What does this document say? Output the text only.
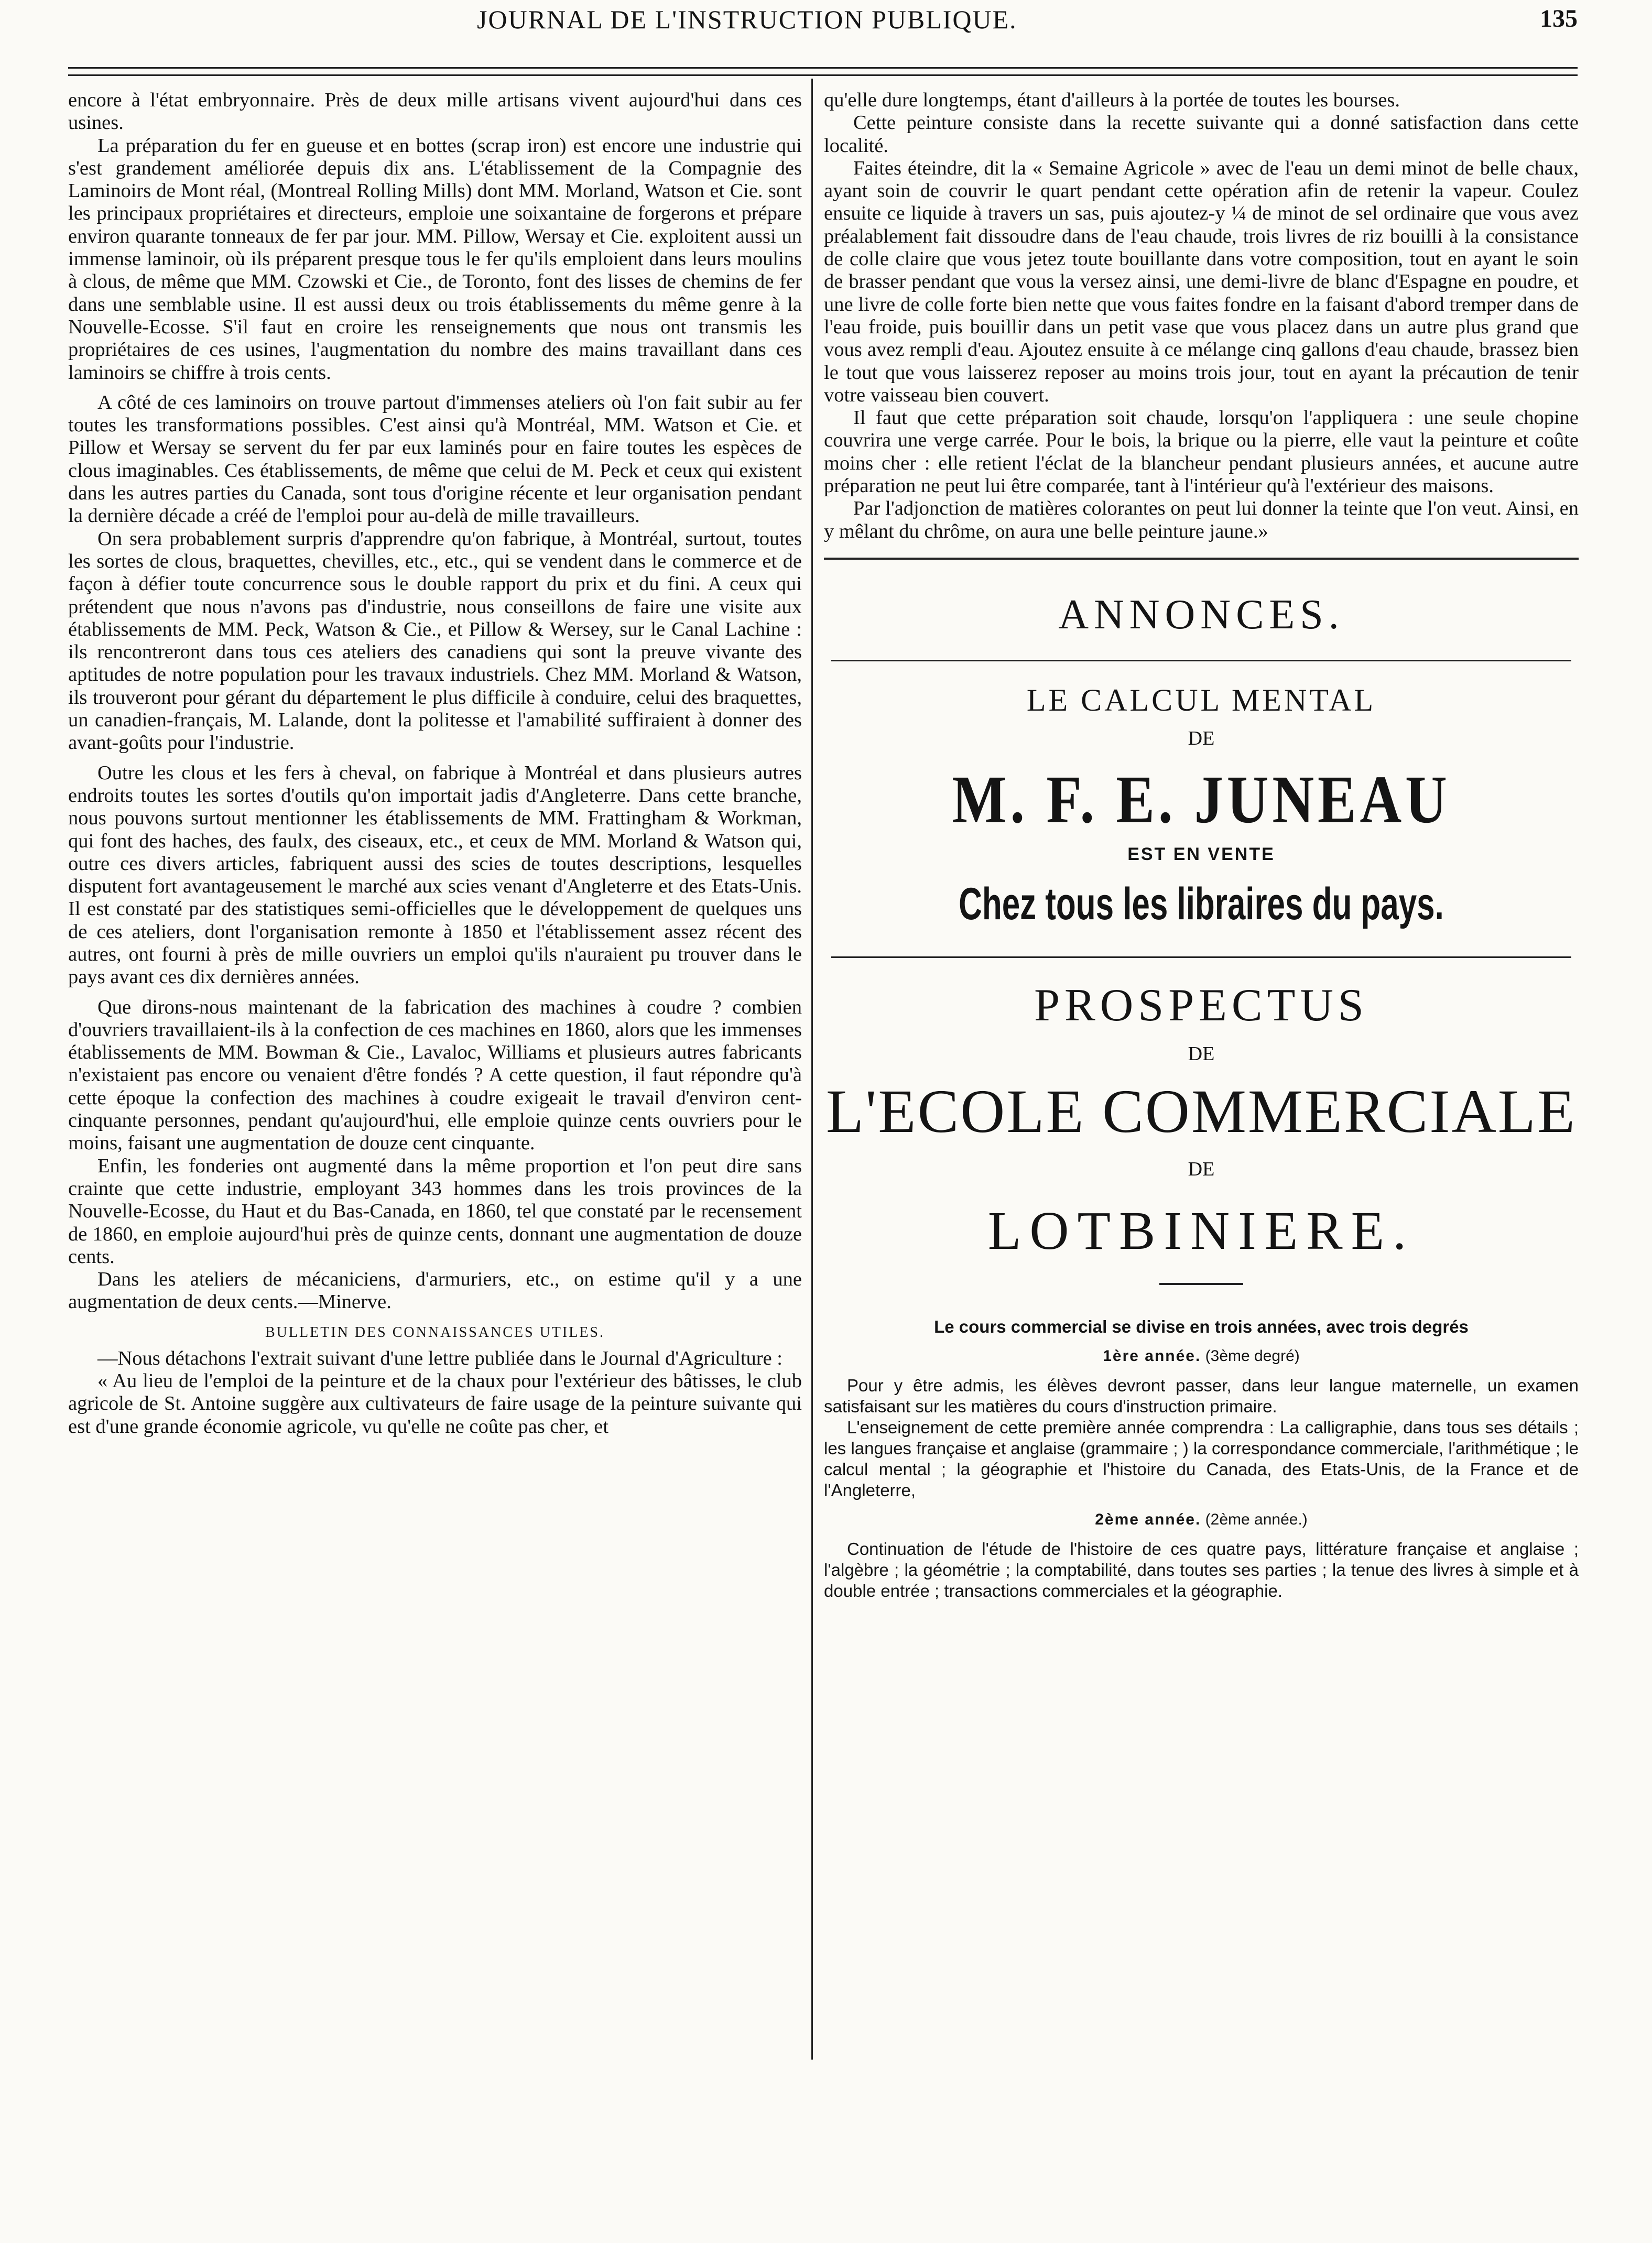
JOURNAL DE L'INSTRUCTION PUBLIQUE.	135

encore à l'état embryonnaire. Près de deux mille artisans vivent aujourd'hui dans ces usines.

La préparation du fer en gueuse et en bottes (scrap iron) est encore une industrie qui s'est grandement améliorée depuis dix ans. L'établissement de la Compagnie des Laminoirs de Mont réal, (Montreal Rolling Mills) dont MM. Morland, Watson et Cie. sont les principaux propriétaires et directeurs, emploie une soixantaine de forgerons et prépare environ quarante tonneaux de fer par jour. MM. Pillow, Wersay et Cie. exploitent aussi un immense laminoir, où ils préparent presque tous le fer qu'ils emploient dans leurs moulins à clous, de même que MM. Czowski et Cie., de Toronto, font des lisses de chemins de fer dans une semblable usine. Il est aussi deux ou trois établissements du même genre à la Nouvelle-Ecosse. S'il faut en croire les renseignements que nous ont transmis les propriétaires de ces usines, l'augmentation du nombre des mains travaillant dans ces laminoirs se chiffre à trois cents.

A côté de ces laminoirs on trouve partout d'immenses ateliers où l'on fait subir au fer toutes les transformations possibles. C'est ainsi qu'à Montréal, MM. Watson et Cie. et Pillow et Wersay se servent du fer par eux laminés pour en faire toutes les espèces de clous imaginables. Ces établissements, de même que celui de M. Peck et ceux qui existent dans les autres parties du Canada, sont tous d'origine récente et leur organisation pendant la dernière décade a créé de l'emploi pour au-delà de mille travailleurs.

On sera probablement surpris d'apprendre qu'on fabrique, à Montréal, surtout, toutes les sortes de clous, braquettes, chevilles, etc., etc., qui se vendent dans le commerce et de façon à défier toute concurrence sous le double rapport du prix et du fini. A ceux qui prétendent que nous n'avons pas d'industrie, nous conseillons de faire une visite aux établissements de MM. Peck, Watson & Cie., et Pillow & Wersey, sur le Canal Lachine : ils rencontreront dans tous ces ateliers des canadiens qui sont la preuve vivante des aptitudes de notre population pour les travaux industriels. Chez MM. Morland & Watson, ils trouveront pour gérant du département le plus difficile à conduire, celui des braquettes, un canadien-français, M. Lalande, dont la politesse et l'amabilité suffiraient à donner des avant-goûts pour l'industrie.

Outre les clous et les fers à cheval, on fabrique à Montréal et dans plusieurs autres endroits toutes les sortes d'outils qu'on importait jadis d'Angleterre. Dans cette branche, nous pouvons surtout mentionner les établissements de MM. Frattingham & Workman, qui font des haches, des faulx, des ciseaux, etc., et ceux de MM. Morland & Watson qui, outre ces divers articles, fabriquent aussi des scies de toutes descriptions, lesquelles disputent fort avantageusement le marché aux scies venant d'Angleterre et des Etats-Unis. Il est constaté par des statistiques semi-officielles que le développement de quelques uns de ces ateliers, dont l'organisation remonte à 1850 et l'établissement assez récent des autres, ont fourni à près de mille ouvriers un emploi qu'ils n'auraient pu trouver dans le pays avant ces dix dernières années.

Que dirons-nous maintenant de la fabrication des machines à coudre ? combien d'ouvriers travaillaient-ils à la confection de ces machines en 1860, alors que les immenses établissements de MM. Bowman & Cie., Lavaloc, Williams et plusieurs autres fabricants n'existaient pas encore ou venaient d'être fondés ? A cette question, il faut répondre qu'à cette époque la confection des machines à coudre exigeait le travail d'environ cent-cinquante personnes, pendant qu'aujourd'hui, elle emploie quinze cents ouvriers pour le moins, faisant une augmentation de douze cent cinquante.

Enfin, les fonderies ont augmenté dans la même proportion et l'on peut dire sans crainte que cette industrie, employant 343 hommes dans les trois provinces de la Nouvelle-Ecosse, du Haut et du Bas-Canada, en 1860, tel que constaté par le recensement de 1860, en emploie aujourd'hui près de quinze cents, donnant une augmentation de douze cents.

Dans les ateliers de mécaniciens, d'armuriers, etc., on estime qu'il y a une augmentation de deux cents.—Minerve.

BULLETIN DES CONNAISSANCES UTILES.

—Nous détachons l'extrait suivant d'une lettre publiée dans le Journal d'Agriculture :

« Au lieu de l'emploi de la peinture et de la chaux pour l'extérieur des bâtisses, le club agricole de St. Antoine suggère aux cultivateurs de faire usage de la peinture suivante qui est d'une grande économie agricole, vu qu'elle ne coûte pas cher, et

qu'elle dure longtemps, étant d'ailleurs à la portée de toutes les bourses.

Cette peinture consiste dans la recette suivante qui a donné satisfaction dans cette localité.

Faites éteindre, dit la « Semaine Agricole » avec de l'eau un demi minot de belle chaux, ayant soin de couvrir le quart pendant cette opération afin de retenir la vapeur. Coulez ensuite ce liquide à travers un sas, puis ajoutez-y ¼ de minot de sel ordinaire que vous avez préalablement fait dissoudre dans de l'eau chaude, trois livres de riz bouilli à la consistance de colle claire que vous jetez toute bouillante dans votre composition, tout en ayant le soin de brasser pendant que vous la versez ainsi, une demi-livre de blanc d'Espagne en poudre, et une livre de colle forte bien nette que vous faites fondre en la faisant d'abord tremper dans de l'eau froide, puis bouillir dans un petit vase que vous placez dans un autre plus grand que vous avez rempli d'eau. Ajoutez ensuite à ce mélange cinq gallons d'eau chaude, brassez bien le tout que vous laisserez reposer au moins trois jour, tout en ayant la précaution de tenir votre vaisseau bien couvert.

Il faut que cette préparation soit chaude, lorsqu'on l'appliquera : une seule chopine couvrira une verge carrée. Pour le bois, la brique ou la pierre, elle vaut la peinture et coûte moins cher : elle retient l'éclat de la blancheur pendant plusieurs années, et aucune autre préparation ne peut lui être comparée, tant à l'intérieur qu'à l'extérieur des maisons.

Par l'adjonction de matières colorantes on peut lui donner la teinte que l'on veut. Ainsi, en y mêlant du chrôme, on aura une belle peinture jaune.»

ANNONCES.
LE CALCUL MENTAL
DE
M. F. E. JUNEAU
EST EN VENTE
Chez tous les libraires du pays.
PROSPECTUS
DE
L'ECOLE COMMERCIALE
DE
LOTBINIERE.

Le cours commercial se divise en trois années, avec trois degrés

1ère année. (3ème degré)

Pour y être admis, les élèves devront passer, dans leur langue maternelle, un examen satisfaisant sur les matières du cours d'instruction primaire.

L'enseignement de cette première année comprendra : La calligraphie, dans tous ses détails ; les langues française et anglaise (grammaire ; ) la correspondance commerciale, l'arithmétique ; le calcul mental ; la géographie et l'histoire du Canada, des Etats-Unis, de la France et de l'Angleterre,

2ème année. (2ème année.)

Continuation de l'étude de l'histoire de ces quatre pays, littérature française et anglaise ; l'algèbre ; la géométrie ; la comptabilité, dans toutes ses parties ; la tenue des livres à simple et à double entrée ; transactions commerciales et la géographie.
